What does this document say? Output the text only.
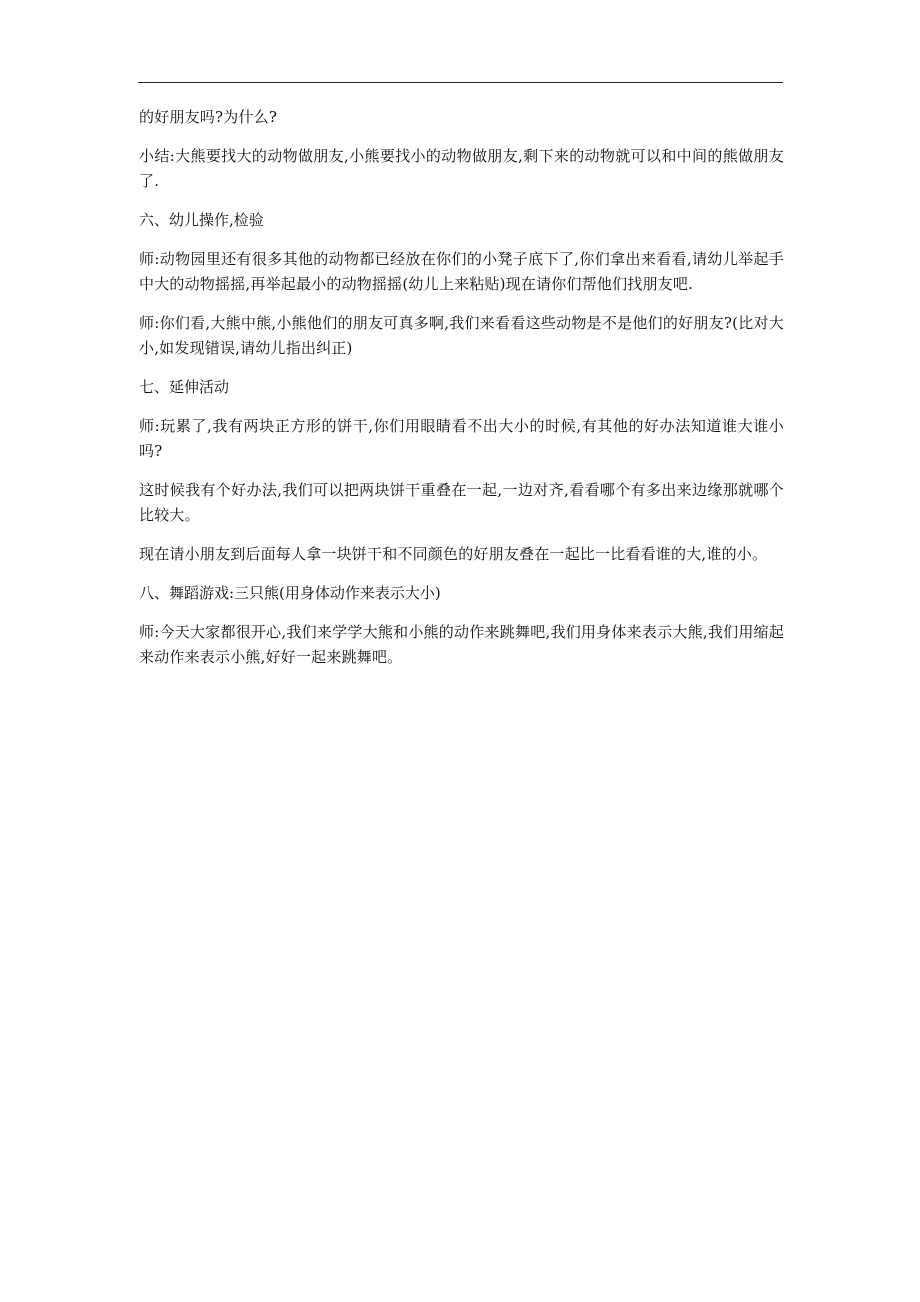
的好朋友吗?为什么?

小结:大熊要找大的动物做朋友,小熊要找小的动物做朋友,剩下来的动物就可以和中间的熊做朋友了.

六、幼儿操作,检验

师:动物园里还有很多其他的动物都已经放在你们的小凳子底下了,你们拿出来看看,请幼儿举起手中大的动物摇摇,再举起最小的动物摇摇(幼儿上来粘贴)现在请你们帮他们找朋友吧.

师:你们看,大熊中熊,小熊他们的朋友可真多啊,我们来看看这些动物是不是他们的好朋友?(比对大小,如发现错误,请幼儿指出纠正)

七、延伸活动

师:玩累了,我有两块正方形的饼干,你们用眼睛看不出大小的时候,有其他的好办法知道谁大谁小吗?

这时候我有个好办法,我们可以把两块饼干重叠在一起,一边对齐,看看哪个有多出来边缘那就哪个比较大。

现在请小朋友到后面每人拿一块饼干和不同颜色的好朋友叠在一起比一比看看谁的大,谁的小。

八、舞蹈游戏:三只熊(用身体动作来表示大小)

师:今天大家都很开心,我们来学学大熊和小熊的动作来跳舞吧,我们用身体来表示大熊,我们用缩起来动作来表示小熊,好好一起来跳舞吧。
